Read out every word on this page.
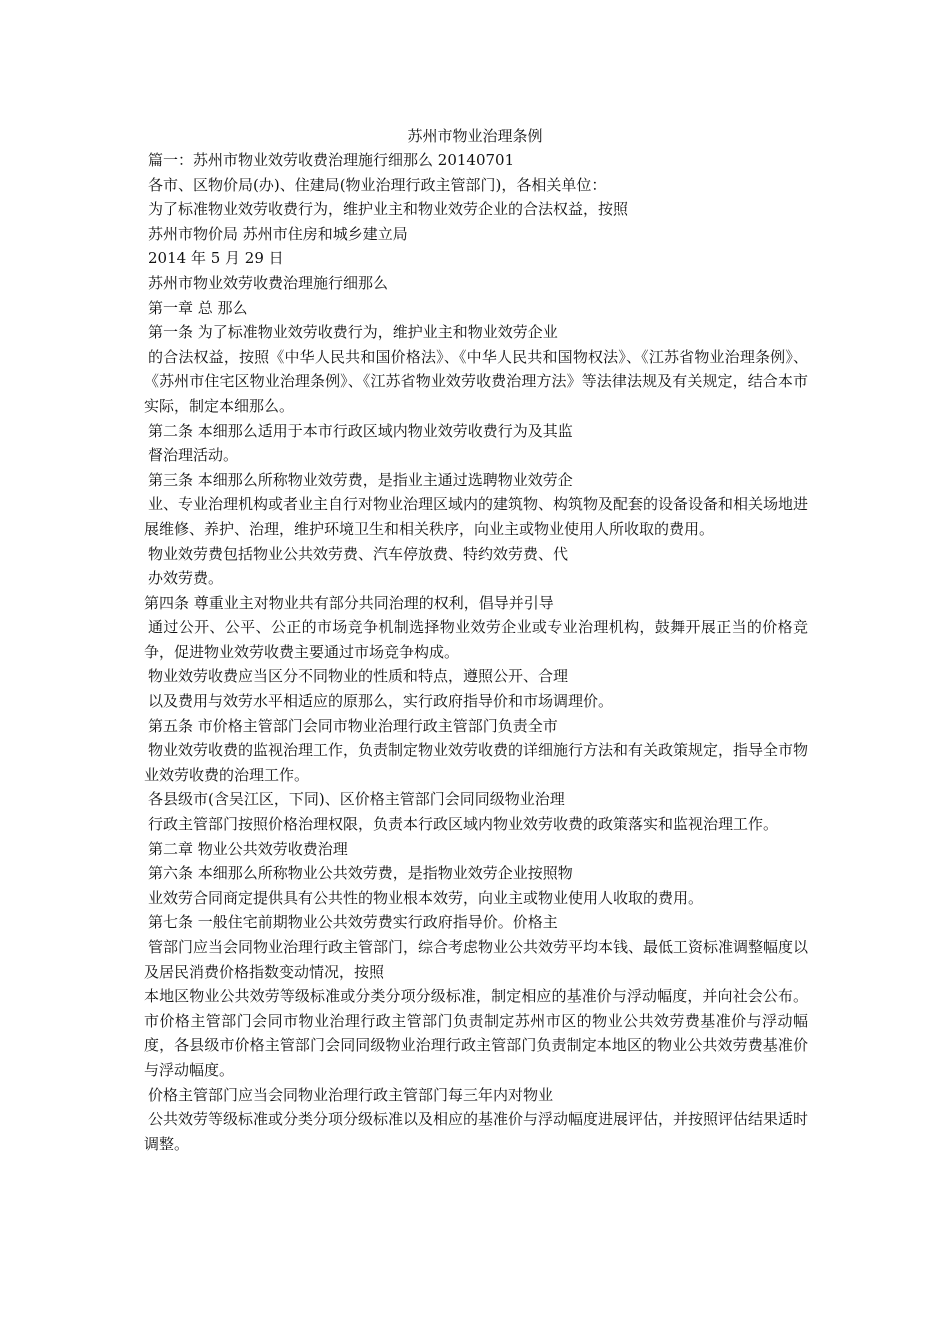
苏州市物业治理条例

篇一：苏州市物业效劳收费治理施行细那么 20140701

各市、区物价局(办)、住建局(物业治理行政主管部门)，各相关单位：

为了标准物业效劳收费行为，维护业主和物业效劳企业的合法权益，按照

苏州市物价局 苏州市住房和城乡建立局

2014 年 5 月 29 日

苏州市物业效劳收费治理施行细那么

第一章 总 那么

第一条 为了标准物业效劳收费行为，维护业主和物业效劳企业

的合法权益，按照《中华人民共和国价格法》、《中华人民共和国物权法》、《江苏省物业治理条例》、《苏州市住宅区物业治理条例》、《江苏省物业效劳收费治理方法》等法律法规及有关规定，结合本市实际，制定本细那么。

第二条 本细那么适用于本市行政区域内物业效劳收费行为及其监

督治理活动。

第三条 本细那么所称物业效劳费，是指业主通过选聘物业效劳企

业、专业治理机构或者业主自行对物业治理区域内的建筑物、构筑物及配套的设备设备和相关场地进展维修、养护、治理，维护环境卫生和相关秩序，向业主或物业使用人所收取的费用。

物业效劳费包括物业公共效劳费、汽车停放费、特约效劳费、代

办效劳费。

第四条 尊重业主对物业共有部分共同治理的权利，倡导并引导

通过公开、公平、公正的市场竞争机制选择物业效劳企业或专业治理机构，鼓舞开展正当的价格竞争，促进物业效劳收费主要通过市场竞争构成。

物业效劳收费应当区分不同物业的性质和特点，遵照公开、合理

以及费用与效劳水平相适应的原那么，实行政府指导价和市场调理价。

第五条 市价格主管部门会同市物业治理行政主管部门负责全市

物业效劳收费的监视治理工作，负责制定物业效劳收费的详细施行方法和有关政策规定，指导全市物业效劳收费的治理工作。

各县级市(含吴江区，下同)、区价格主管部门会同同级物业治理

行政主管部门按照价格治理权限，负责本行政区域内物业效劳收费的政策落实和监视治理工作。

第二章 物业公共效劳收费治理

第六条 本细那么所称物业公共效劳费，是指物业效劳企业按照物

业效劳合同商定提供具有公共性的物业根本效劳，向业主或物业使用人收取的费用。

第七条 一般住宅前期物业公共效劳费实行政府指导价。价格主

管部门应当会同物业治理行政主管部门，综合考虑物业公共效劳平均本钱、最低工资标准调整幅度以及居民消费价格指数变动情况，按照

本地区物业公共效劳等级标准或分类分项分级标准，制定相应的基准价与浮动幅度，并向社会公布。市价格主管部门会同市物业治理行政主管部门负责制定苏州市区的物业公共效劳费基准价与浮动幅度，各县级市价格主管部门会同同级物业治理行政主管部门负责制定本地区的物业公共效劳费基准价与浮动幅度。

价格主管部门应当会同物业治理行政主管部门每三年内对物业

公共效劳等级标准或分类分项分级标准以及相应的基准价与浮动幅度进展评估，并按照评估结果适时调整。
